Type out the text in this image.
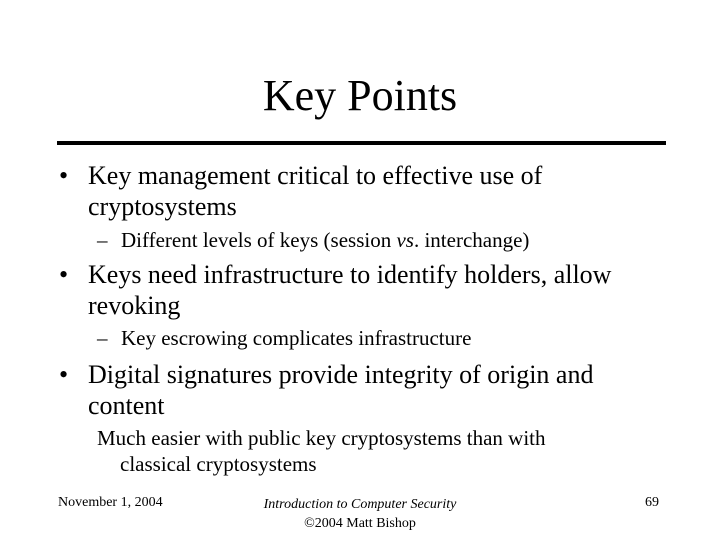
Key Points
• Key management critical to effective use of cryptosystems
– Different levels of keys (session vs. interchange)
• Keys need infrastructure to identify holders, allow revoking
– Key escrowing complicates infrastructure
• Digital signatures provide integrity of origin and content
Much easier with public key cryptosystems than with
classical cryptosystems
November 1, 2004	Introduction to Computer Security
©2004 Matt Bishop
69
